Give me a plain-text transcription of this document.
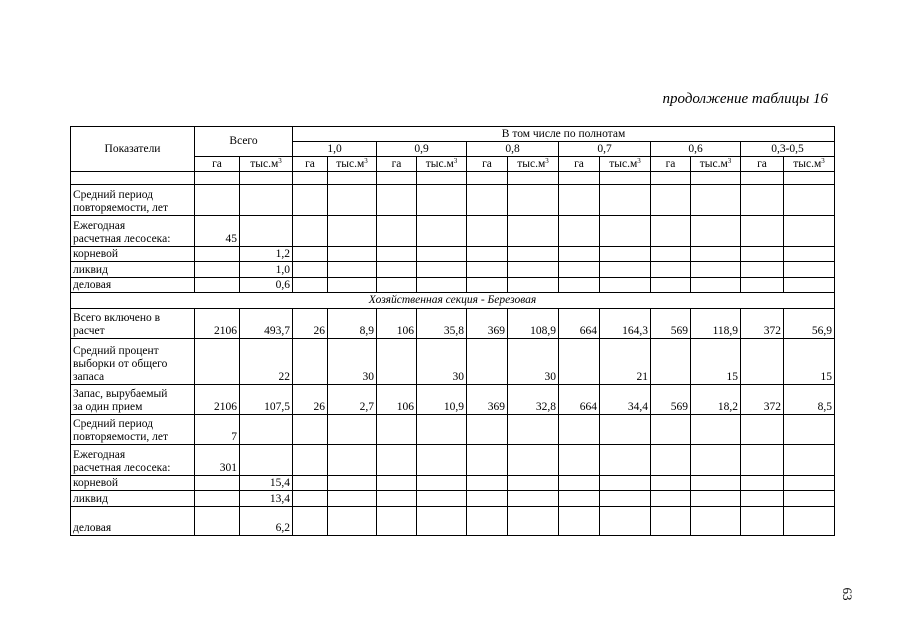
продолжение таблицы 16
Показатели	Всего		В том числе по полнотам											
			1,0		0,9		0,8		0,7		0,6		0,3-0,5	
	га	$тыс.м^3$	га	$тыс.м^3$	га	$тыс.м^3$	га	$тыс.м^3$	га	$тыс.м^3$	га	$тыс.м^3$	га	$тыс.м^3$

Средний период
повторяемости, лет														

Ежегодная
расчетная лесосека:	45													
корневой		1,2												
ликвид		1,0												
деловая		0,6												
Хозяйственная секция - Березовая														

Всего включено в
расчет	2106	493,7	26	8,9	106	35,8	369	108,9	664	164,3	569	118,9	372	56,9

Средний процент
выборки от общего
запаса		22		30		30		30		21		15		15

Запас, вырубаемый
за один прием	2106	107,5	26	2,7	106	10,9	369	32,8	664	34,4	569	18,2	372	8,5

Средний период
повторяемости, лет	7													

Ежегодная
расчетная лесосека:	301													
корневой		15,4												
ликвид		13,4												
деловая		6,2												
63
